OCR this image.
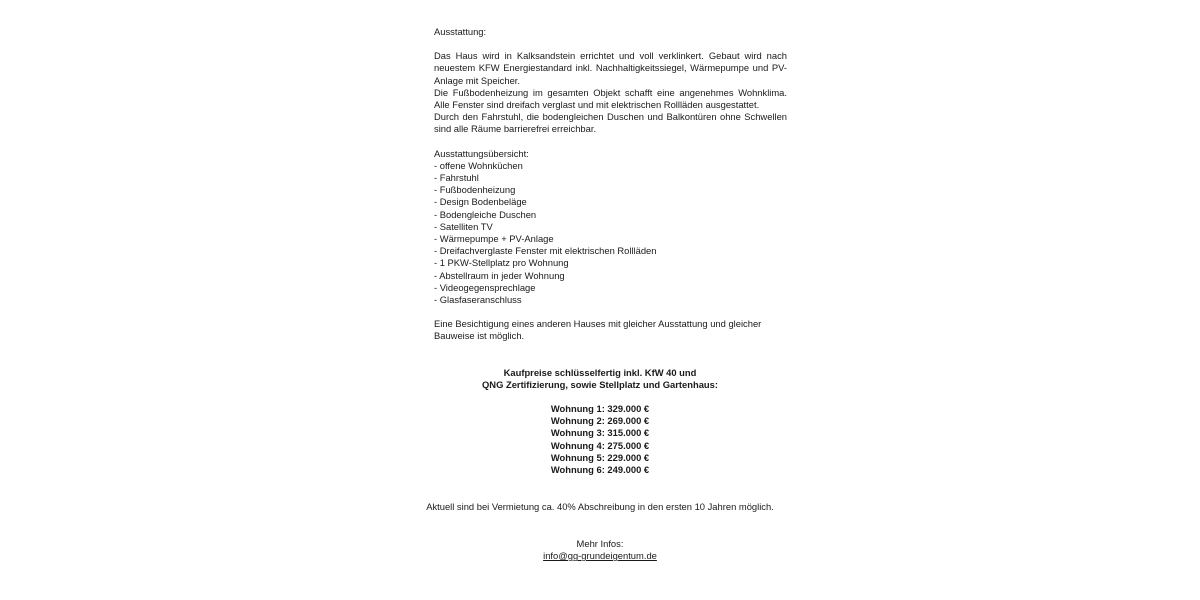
Ausstattung:

Das Haus wird in Kalksandstein errichtet und voll verklinkert. Gebaut wird nach neuestem KFW Energiestandard inkl. Nachhaltigkeitssiegel, Wärmepumpe und PV-Anlage mit Speicher.

Die Fußbodenheizung im gesamten Objekt schafft eine angenehmes Wohnklima. Alle Fenster sind dreifach verglast und mit elektrischen Rollläden ausgestattet.

Durch den Fahrstuhl, die bodengleichen Duschen und Balkontüren ohne Schwellen sind alle Räume barrierefrei erreichbar.

Ausstattungsübersicht:

- offene Wohnküchen
- Fahrstuhl
- Fußbodenheizung
- Design Bodenbeläge
- Bodengleiche Duschen
- Satelliten TV
- Wärmepumpe + PV-Anlage
- Dreifachverglaste Fenster mit elektrischen Rollläden
- 1 PKW-Stellplatz pro Wohnung
- Abstellraum in jeder Wohnung
- Videogegensprechlage
- Glasfaseranschluss

Eine Besichtigung eines anderen Hauses mit gleicher Ausstattung und gleicher Bauweise ist möglich.

Kaufpreise schlüsselfertig inkl. KfW 40 und
QNG Zertifizierung, sowie Stellplatz und Gartenhaus:
Wohnung 1: 329.000 €
Wohnung 2: 269.000 €
Wohnung 3: 315.000 €
Wohnung 4: 275.000 €
Wohnung 5: 229.000 €
Wohnung 6: 249.000 €
Aktuell sind bei Vermietung ca. 40% Abschreibung in den ersten 10 Jahren möglich.
Mehr Infos:
info@gg-grundeigentum.de
